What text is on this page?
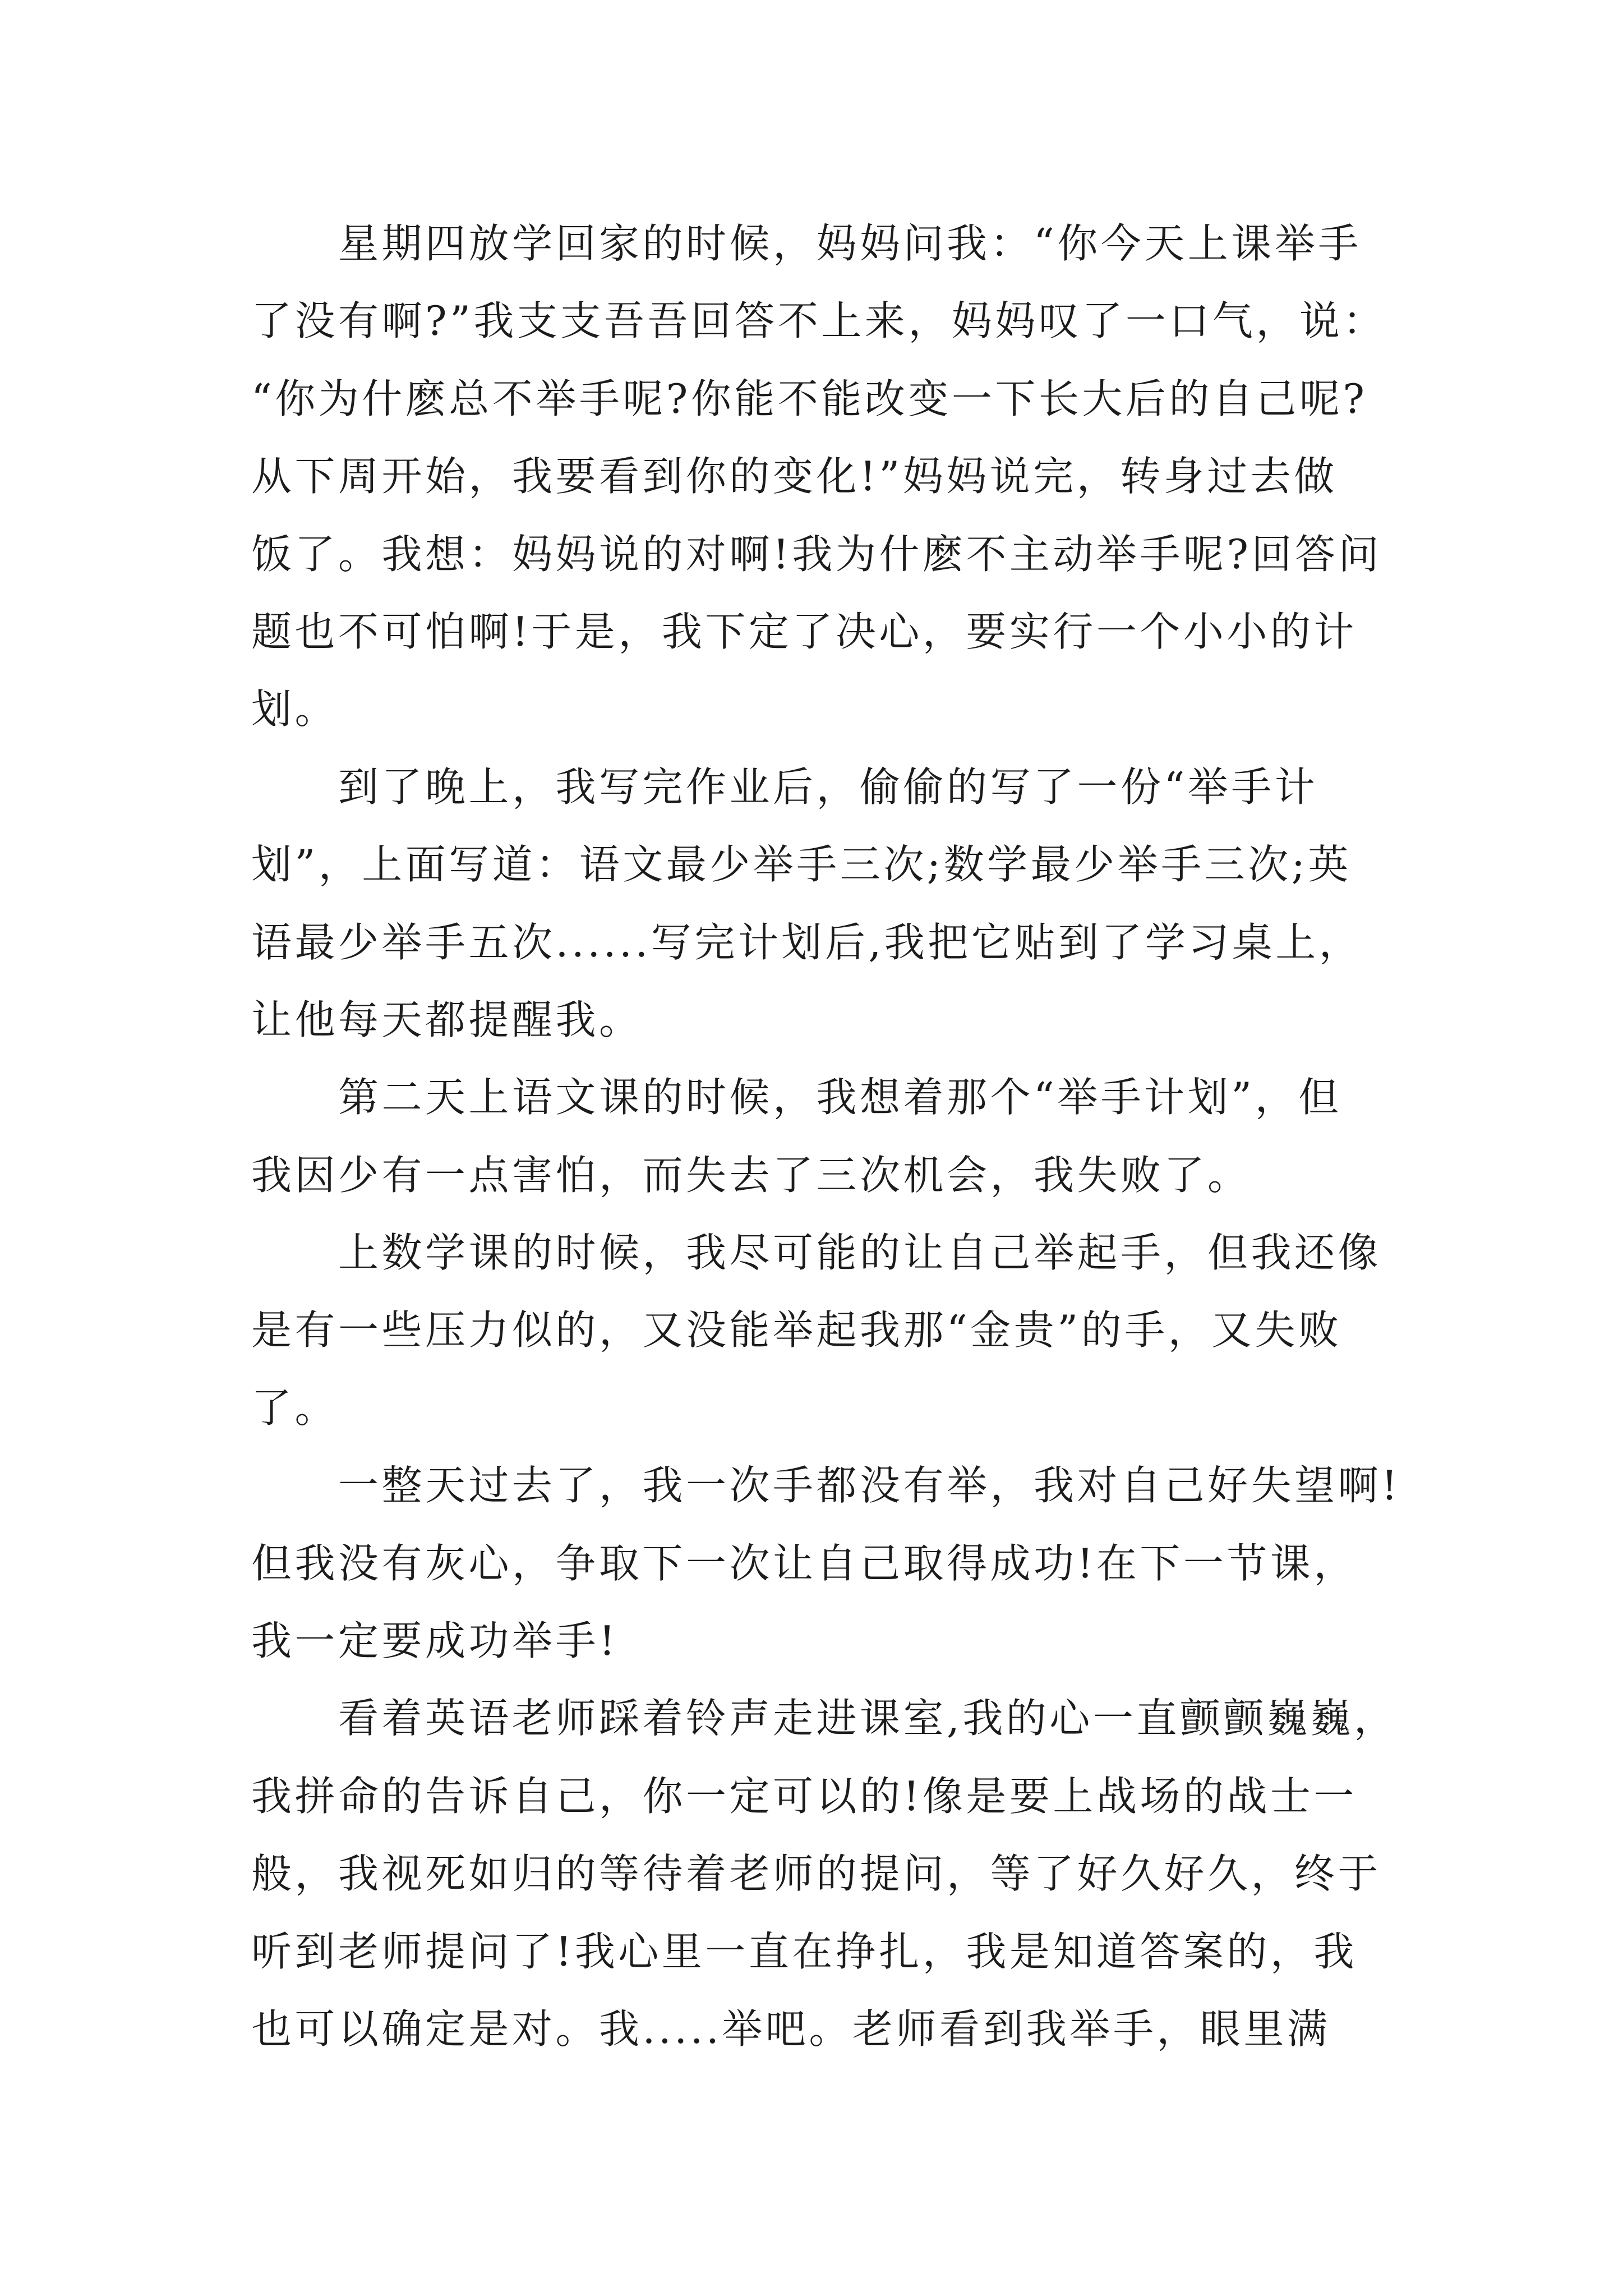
星期四放学回家的时候，妈妈问我：“你今天上课举手
了没有啊?”我支支吾吾回答不上来，妈妈叹了一口气，说：
“你为什麽总不举手呢?你能不能改变一下长大后的自己呢?
从下周开始，我要看到你的变化!”妈妈说完，转身过去做
饭了。我想：妈妈说的对啊!我为什麽不主动举手呢?回答问
题也不可怕啊!于是，我下定了决心，要实行一个小小的计
划。
到了晚上，我写完作业后，偷偷的写了一份“举手计
划”，上面写道：语文最少举手三次;数学最少举手三次;英
语最少举手五次......写完计划后,我把它贴到了学习桌上，
让他每天都提醒我。
第二天上语文课的时候，我想着那个“举手计划”，但
我因少有一点害怕，而失去了三次机会，我失败了。
上数学课的时候，我尽可能的让自己举起手，但我还像
是有一些压力似的，又没能举起我那“金贵”的手，又失败
了。
一整天过去了，我一次手都没有举，我对自己好失望啊!
但我没有灰心，争取下一次让自己取得成功!在下一节课，
我一定要成功举手!
看着英语老师踩着铃声走进课室,我的心一直颤颤巍巍，
我拼命的告诉自己，你一定可以的!像是要上战场的战士一
般，我视死如归的等待着老师的提问，等了好久好久，终于
听到老师提问了!我心里一直在挣扎，我是知道答案的，我
也可以确定是对。我.....举吧。老师看到我举手，眼里满
